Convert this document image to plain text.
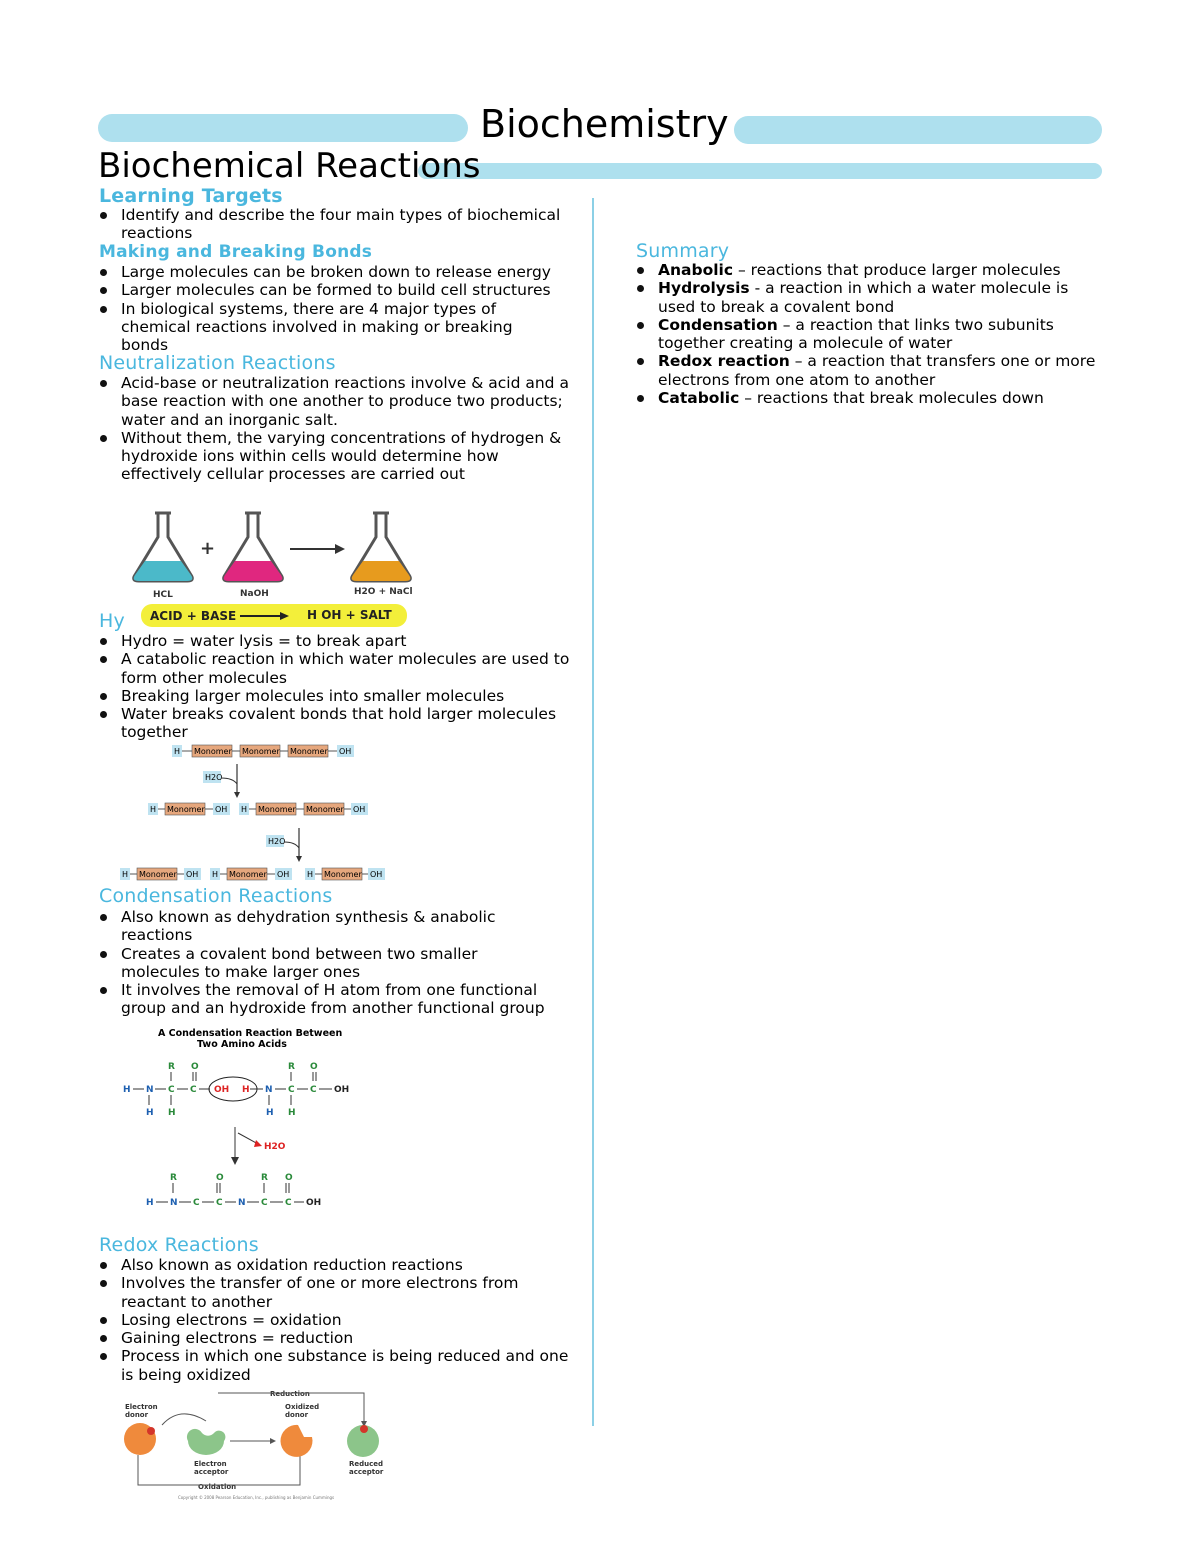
Biochemistry
Biochemical Reactions
Learning Targets
Identify and describe the four main types of biochemical reactions
Making and Breaking Bonds
Large molecules can be broken down to release energy
Larger molecules can be formed to build cell structures
In biological systems, there are 4 major types of chemical reactions involved in making or breaking bonds
Neutralization Reactions
Acid-base or neutralization reactions involve & acid and a base reaction with one another to produce two products; water and an inorganic salt.
Without them, the varying concentrations of hydrogen & hydroxide ions within cells would determine how effectively cellular processes are carried out
+
HCL	NaOH	H2O + NaCl
ACID + BASE	H OH + SALT
Hy
Hydro = water lysis = to break apart
A catabolic reaction in which water molecules are used to form other molecules
Breaking larger molecules into smaller molecules
Water breaks covalent bonds that hold larger molecules together
H Monomer Monomer Monomer OH
H2O
H Monomer OH H Monomer Monomer OH
H2O
H Monomer OH H Monomer OH H Monomer OH
Condensation Reactions
Also known as dehydration synthesis & anabolic reactions
Creates a covalent bond between two smaller molecules to make larger ones
It involves the removal of H atom from one functional group and an hydroxide from another functional group
A Condensation Reaction Between
Two Amino Acids
R O
H N C C
H H
OH H
R O
N C C OH
H H
R	O	R O
H N C C N C C OH
H2O
Redox Reactions
Also known as oxidation reduction reactions
Involves the transfer of one or more electrons from reactant to another
Losing electrons = oxidation
Gaining electrons = reduction
Process in which one substance is being reduced and one is being oxidized
Reduction
Oxidation
Electron
donor
Oxidized
donor
Electron
acceptor
Reduced
acceptor
Copyright © 2008 Pearson Education, Inc., publishing as Benjamin Cummings
Summary
Anabolic – reactions that produce larger molecules
Hydrolysis - a reaction in which a water molecule is used to break a covalent bond
Condensation – a reaction that links two subunits together creating a molecule of water
Redox reaction – a reaction that transfers one or more electrons from one atom to another
Catabolic – reactions that break molecules down
